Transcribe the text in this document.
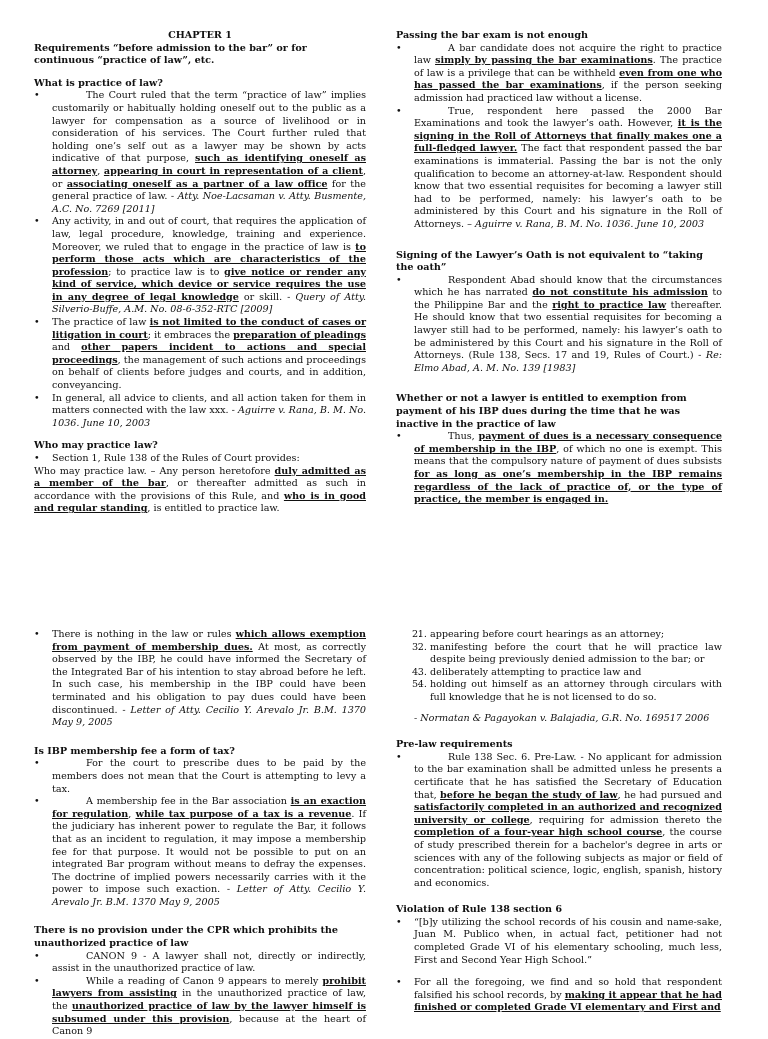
CHAPTER 1

Requirements “before admission to the bar” or for continuous “practice of law”, etc.

What is practice of law?

• The Court ruled that the term “practice of law” implies customarily or habitually holding oneself out to the public as a lawyer for compensation as a source of livelihood or in consideration of his services. The Court further ruled that holding one’s self out as a lawyer may be shown by acts indicative of that purpose, such as identifying oneself as attorney, appearing in court in representation of a client, or associating oneself as a partner of a law office for the general practice of law. - Atty. Noe-Lacsaman v. Atty. Busmente, A.C. No. 7269 [2011]
• Any activity, in and out of court, that requires the application of law, legal procedure, knowledge, training and experience. Moreover, we ruled that to engage in the practice of law is to perform those acts which are characteristics of the profession; to practice law is to give notice or render any kind of service, which device or service requires the use in any degree of legal knowledge or skill. - Query of Atty. Silverio-Buffe, A.M. No. 08-6-352-RTC [2009]
• The practice of law is not limited to the conduct of cases or litigation in court; it embraces the preparation of pleadings and other papers incident to actions and special proceedings, the management of such actions and proceedings on behalf of clients before judges and courts, and in addition, conveyancing.
• In general, all advice to clients, and all action taken for them in matters connected with the law xxx. - Aguirre v. Rana, B. M. No. 1036. June 10, 2003

Who may practice law?

• Section 1, Rule 138 of the Rules of Court provides:

Who may practice law. – Any person heretofore duly admitted as a member of the bar, or thereafter admitted as such in accordance with the provisions of this Rule, and who is in good and regular standing, is entitled to practice law.

Passing the bar exam is not enough

• A bar candidate does not acquire the right to practice law simply by passing the bar examinations. The practice of law is a privilege that can be withheld even from one who has passed the bar examinations, if the person seeking admission had practiced law without a license.
• True, respondent here passed the 2000 Bar Examinations and took the lawyer’s oath. However, it is the signing in the Roll of Attorneys that finally makes one a full-fledged lawyer. The fact that respondent passed the bar examinations is immaterial. Passing the bar is not the only qualification to become an attorney-at-law. Respondent should know that two essential requisites for becoming a lawyer still had to be performed, namely: his lawyer’s oath to be administered by this Court and his signature in the Roll of Attorneys. – Aguirre v. Rana, B. M. No. 1036. June 10, 2003

Signing of the Lawyer’s Oath is not equivalent to “taking the oath”

• Respondent Abad should know that the circumstances which he has narrated do not constitute his admission to the Philippine Bar and the right to practice law thereafter. He should know that two essential requisites for becoming a lawyer still had to be performed, namely: his lawyer’s oath to be administered by this Court and his signature in the Roll of Attorneys. (Rule 138, Secs. 17 and 19, Rules of Court.) - Re: Elmo Abad, A. M. No. 139 [1983]

Whether or not a lawyer is entitled to exemption from payment of his IBP dues during the time that he was inactive in the practice of law

• Thus, payment of dues is a necessary consequence of membership in the IBP, of which no one is exempt. This means that the compulsory nature of payment of dues subsists for as long as one’s membership in the IBP remains regardless of the lack of practice of, or the type of practice, the member is engaged in.
• There is nothing in the law or rules which allows exemption from payment of membership dues. At most, as correctly observed by the IBP, he could have informed the Secretary of the Integrated Bar of his intention to stay abroad before he left. In such case, his membership in the IBP could have been terminated and his obligation to pay dues could have been discontinued. - Letter of Atty. Cecilio Y. Arevalo Jr. B.M. 1370 May 9, 2005

Is IBP membership fee a form of tax?

• For the court to prescribe dues to be paid by the members does not mean that the Court is attempting to levy a tax.
• A membership fee in the Bar association is an exaction for regulation, while tax purpose of a tax is a revenue. If the judiciary has inherent power to regulate the Bar, it follows that as an incident to regulation, it may impose a membership fee for that purpose. It would not be possible to put on an integrated Bar program without means to defray the expenses. The doctrine of implied powers necessarily carries with it the power to impose such exaction. - Letter of Atty. Cecilio Y. Arevalo Jr. B.M. 1370 May 9, 2005

There is no provision under the CPR which prohibits the unauthorized practice of law

• CANON 9 - A lawyer shall not, directly or indirectly, assist in the unauthorized practice of law.
• While a reading of Canon 9 appears to merely prohibit lawyers from assisting in the unauthorized practice of law, the unauthorized practice of law by the lawyer himself is subsumed under this provision, because at the heart of Canon 9
1. 2. appearing before court hearings as an attorney;
2. 3. manifesting before the court that he will practice law despite being previously denied admission to the bar; or
3. 4. deliberately attempting to practice law and
4. 5. holding out himself as an attorney through circulars with full knowledge that he is not licensed to do so.

- Normatan & Pagayokan v. Balajadia, G.R. No. 169517 2006

Pre-law requirements

• Rule 138 Sec. 6. Pre-Law. - No applicant for admission to the bar examination shall be admitted unless he presents a certificate that he has satisfied the Secretary of Education that, before he began the study of law, he had pursued and satisfactorily completed in an authorized and recognized university or college, requiring for admission thereto the completion of a four-year high school course, the course of study prescribed therein for a bachelor's degree in arts or sciences with any of the following subjects as major or field of concentration: political science, logic, english, spanish, history and economics.

Violation of Rule 138 section 6

• “[b]y utilizing the school records of his cousin and name-sake, Juan M. Publico when, in actual fact, petitioner had not completed Grade VI of his elementary schooling, much less, First and Second Year High School.”
• For all the foregoing, we find and so hold that respondent falsified his school records, by making it appear that he had finished or completed Grade VI elementary and First and
